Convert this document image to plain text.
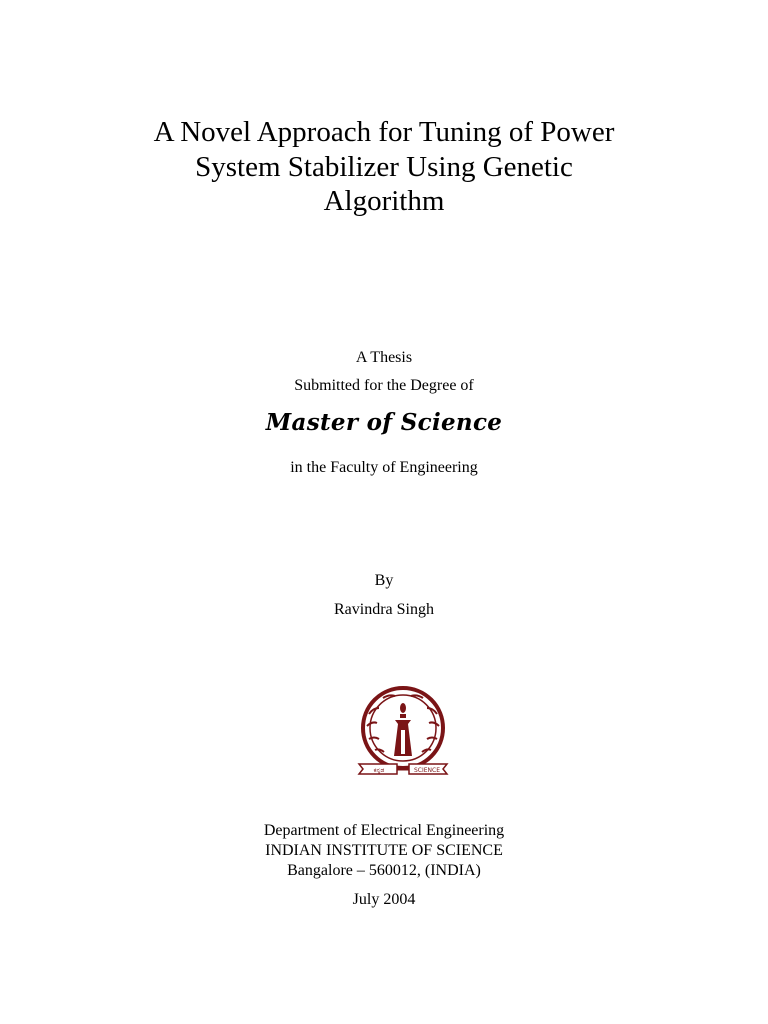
A Novel Approach for Tuning of Power
System Stabilizer Using Genetic
Algorithm
A Thesis
Submitted for the Degree of
Master of Science
in the Faculty of Engineering
By
Ravindra Singh
ಕನ್ನಡ	SCIENCE
Department of Electrical Engineering
INDIAN INSTITUTE OF SCIENCE
Bangalore – 560012, (INDIA)
July 2004
